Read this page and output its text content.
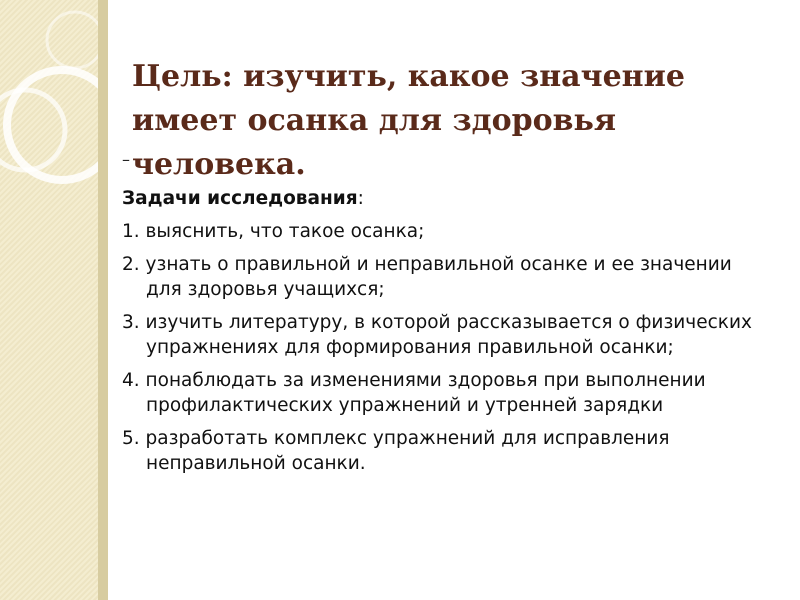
Цель: изучить, какое значение имеет осанка для здоровья человека.
–

Задачи исследования:

1. выяснить, что такое осанка;
2. узнать о правильной и неправильной осанке и ее значении для здоровья учащихся;
3. изучить литературу, в которой рассказывается о физических упражнениях для формирования правильной осанки;
4. понаблюдать за изменениями здоровья при выполнении профилактических упражнений и утренней зарядки
5. разработать комплекс упражнений для исправления неправильной осанки.
